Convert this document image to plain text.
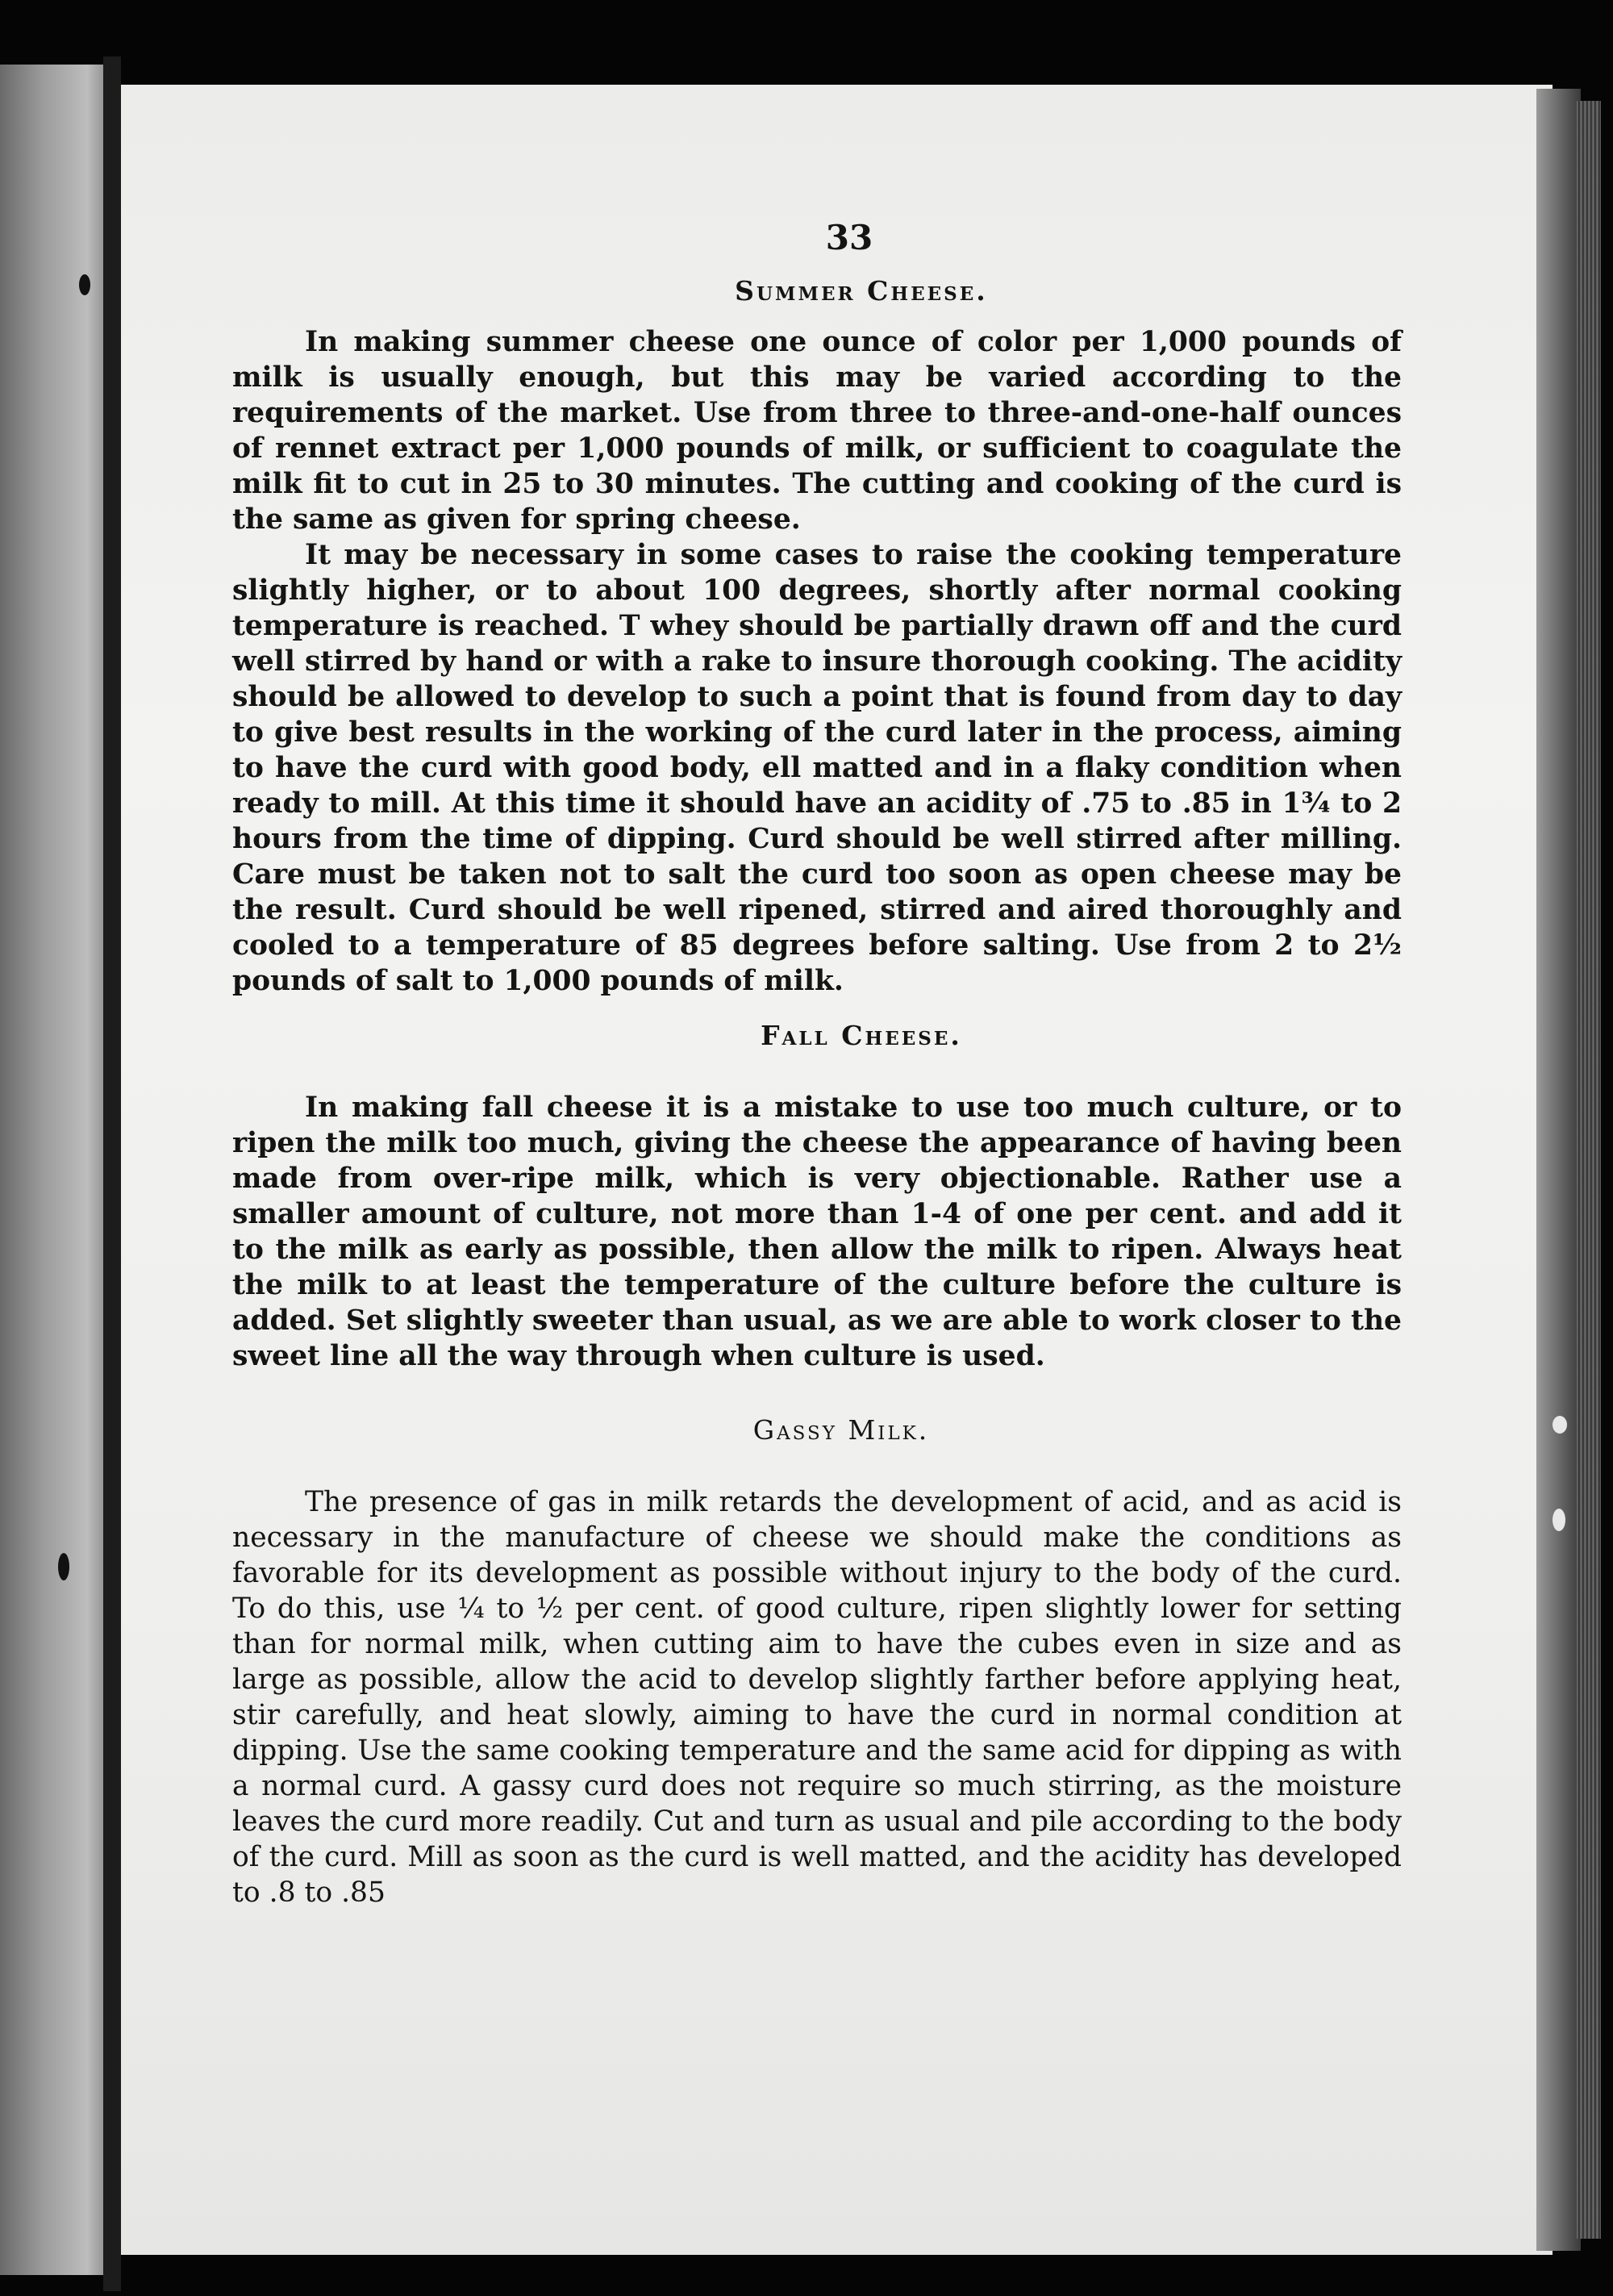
33
Summer Cheese.

In making summer cheese one ounce of color per 1,000 pounds of milk is usually enough, but this may be varied according to the requirements of the market. Use from three to three-and-one-half ounces of rennet extract per 1,000 pounds of milk, or sufficient to coagulate the milk fit to cut in 25 to 30 minutes. The cutting and cooking of the curd is the same as given for spring cheese.

It may be necessary in some cases to raise the cooking temperature slightly higher, or to about 100 degrees, shortly after normal cooking temperature is reached. T whey should be partially drawn off and the curd well stirred by hand or with a rake to insure thorough cooking. The acidity should be allowed to develop to such a point that is found from day to day to give best results in the working of the curd later in the process, aiming to have the curd with good body, ell matted and in a flaky condition when ready to mill. At this time it should have an acidity of .75 to .85 in 1¾ to 2 hours from the time of dipping. Curd should be well stirred after milling. Care must be taken not to salt the curd too soon as open cheese may be the result. Curd should be well ripened, stirred and aired thoroughly and cooled to a temperature of 85 degrees before salting. Use from 2 to 2½ pounds of salt to 1,000 pounds of milk.

Fall Cheese.

In making fall cheese it is a mistake to use too much culture, or to ripen the milk too much, giving the cheese the appearance of having been made from over-ripe milk, which is very objectionable. Rather use a smaller amount of culture, not more than 1-4 of one per cent. and add it to the milk as early as possible, then allow the milk to ripen. Always heat the milk to at least the temperature of the culture before the culture is added. Set slightly sweeter than usual, as we are able to work closer to the sweet line all the way through when culture is used.

Gassy Milk.

The presence of gas in milk retards the development of acid, and as acid is necessary in the manufacture of cheese we should make the conditions as favorable for its development as possible without injury to the body of the curd. To do this, use ¼ to ½ per cent. of good culture, ripen slightly lower for setting than for normal milk, when cutting aim to have the cubes even in size and as large as possible, allow the acid to develop slightly farther before applying heat, stir carefully, and heat slowly, aiming to have the curd in normal condition at dipping. Use the same cooking temperature and the same acid for dipping as with a normal curd. A gassy curd does not require so much stirring, as the moisture leaves the curd more readily. Cut and turn as usual and pile according to the body of the curd. Mill as soon as the curd is well matted, and the acidity has developed to .8 to .85
